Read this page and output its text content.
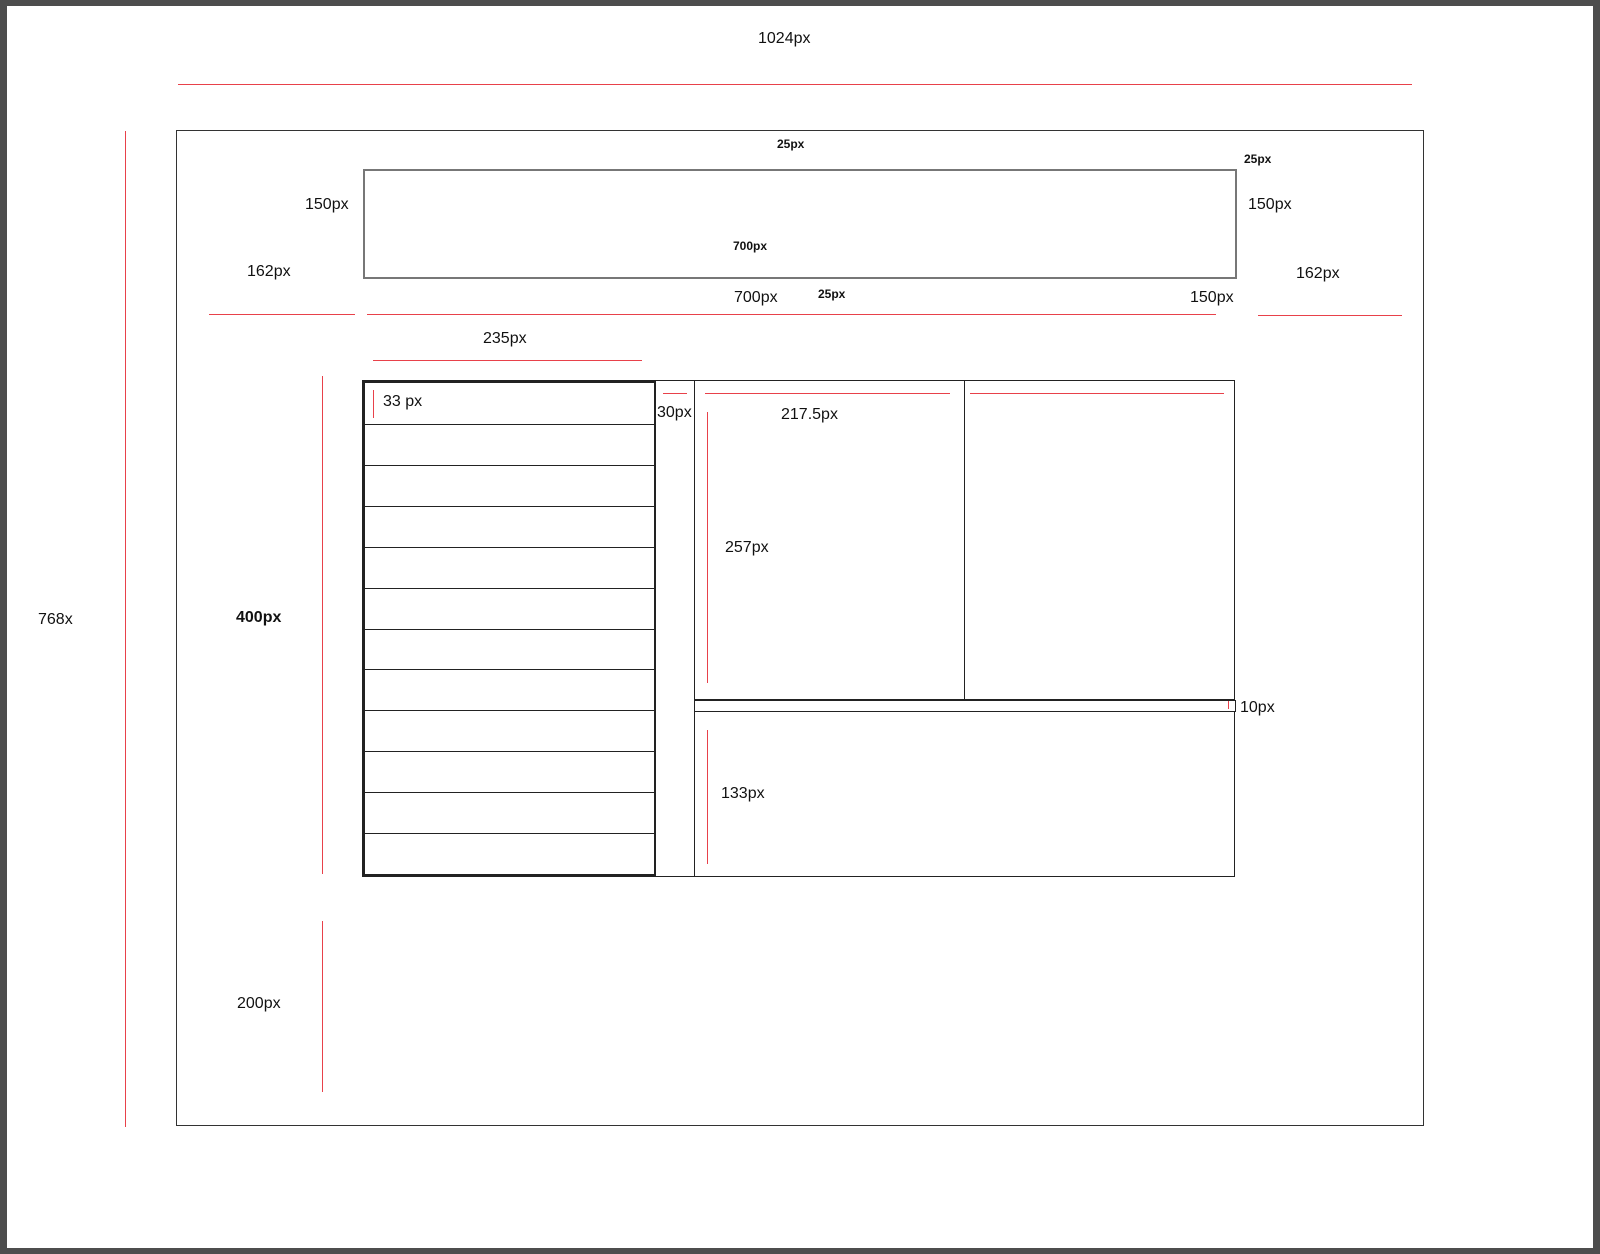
1024px
768x
25px
25px
150px	150px
700px
162px	162px
700px	25px	150px
235px
33 px
30px	217.5px
257px
400px
10px
133px
200px
